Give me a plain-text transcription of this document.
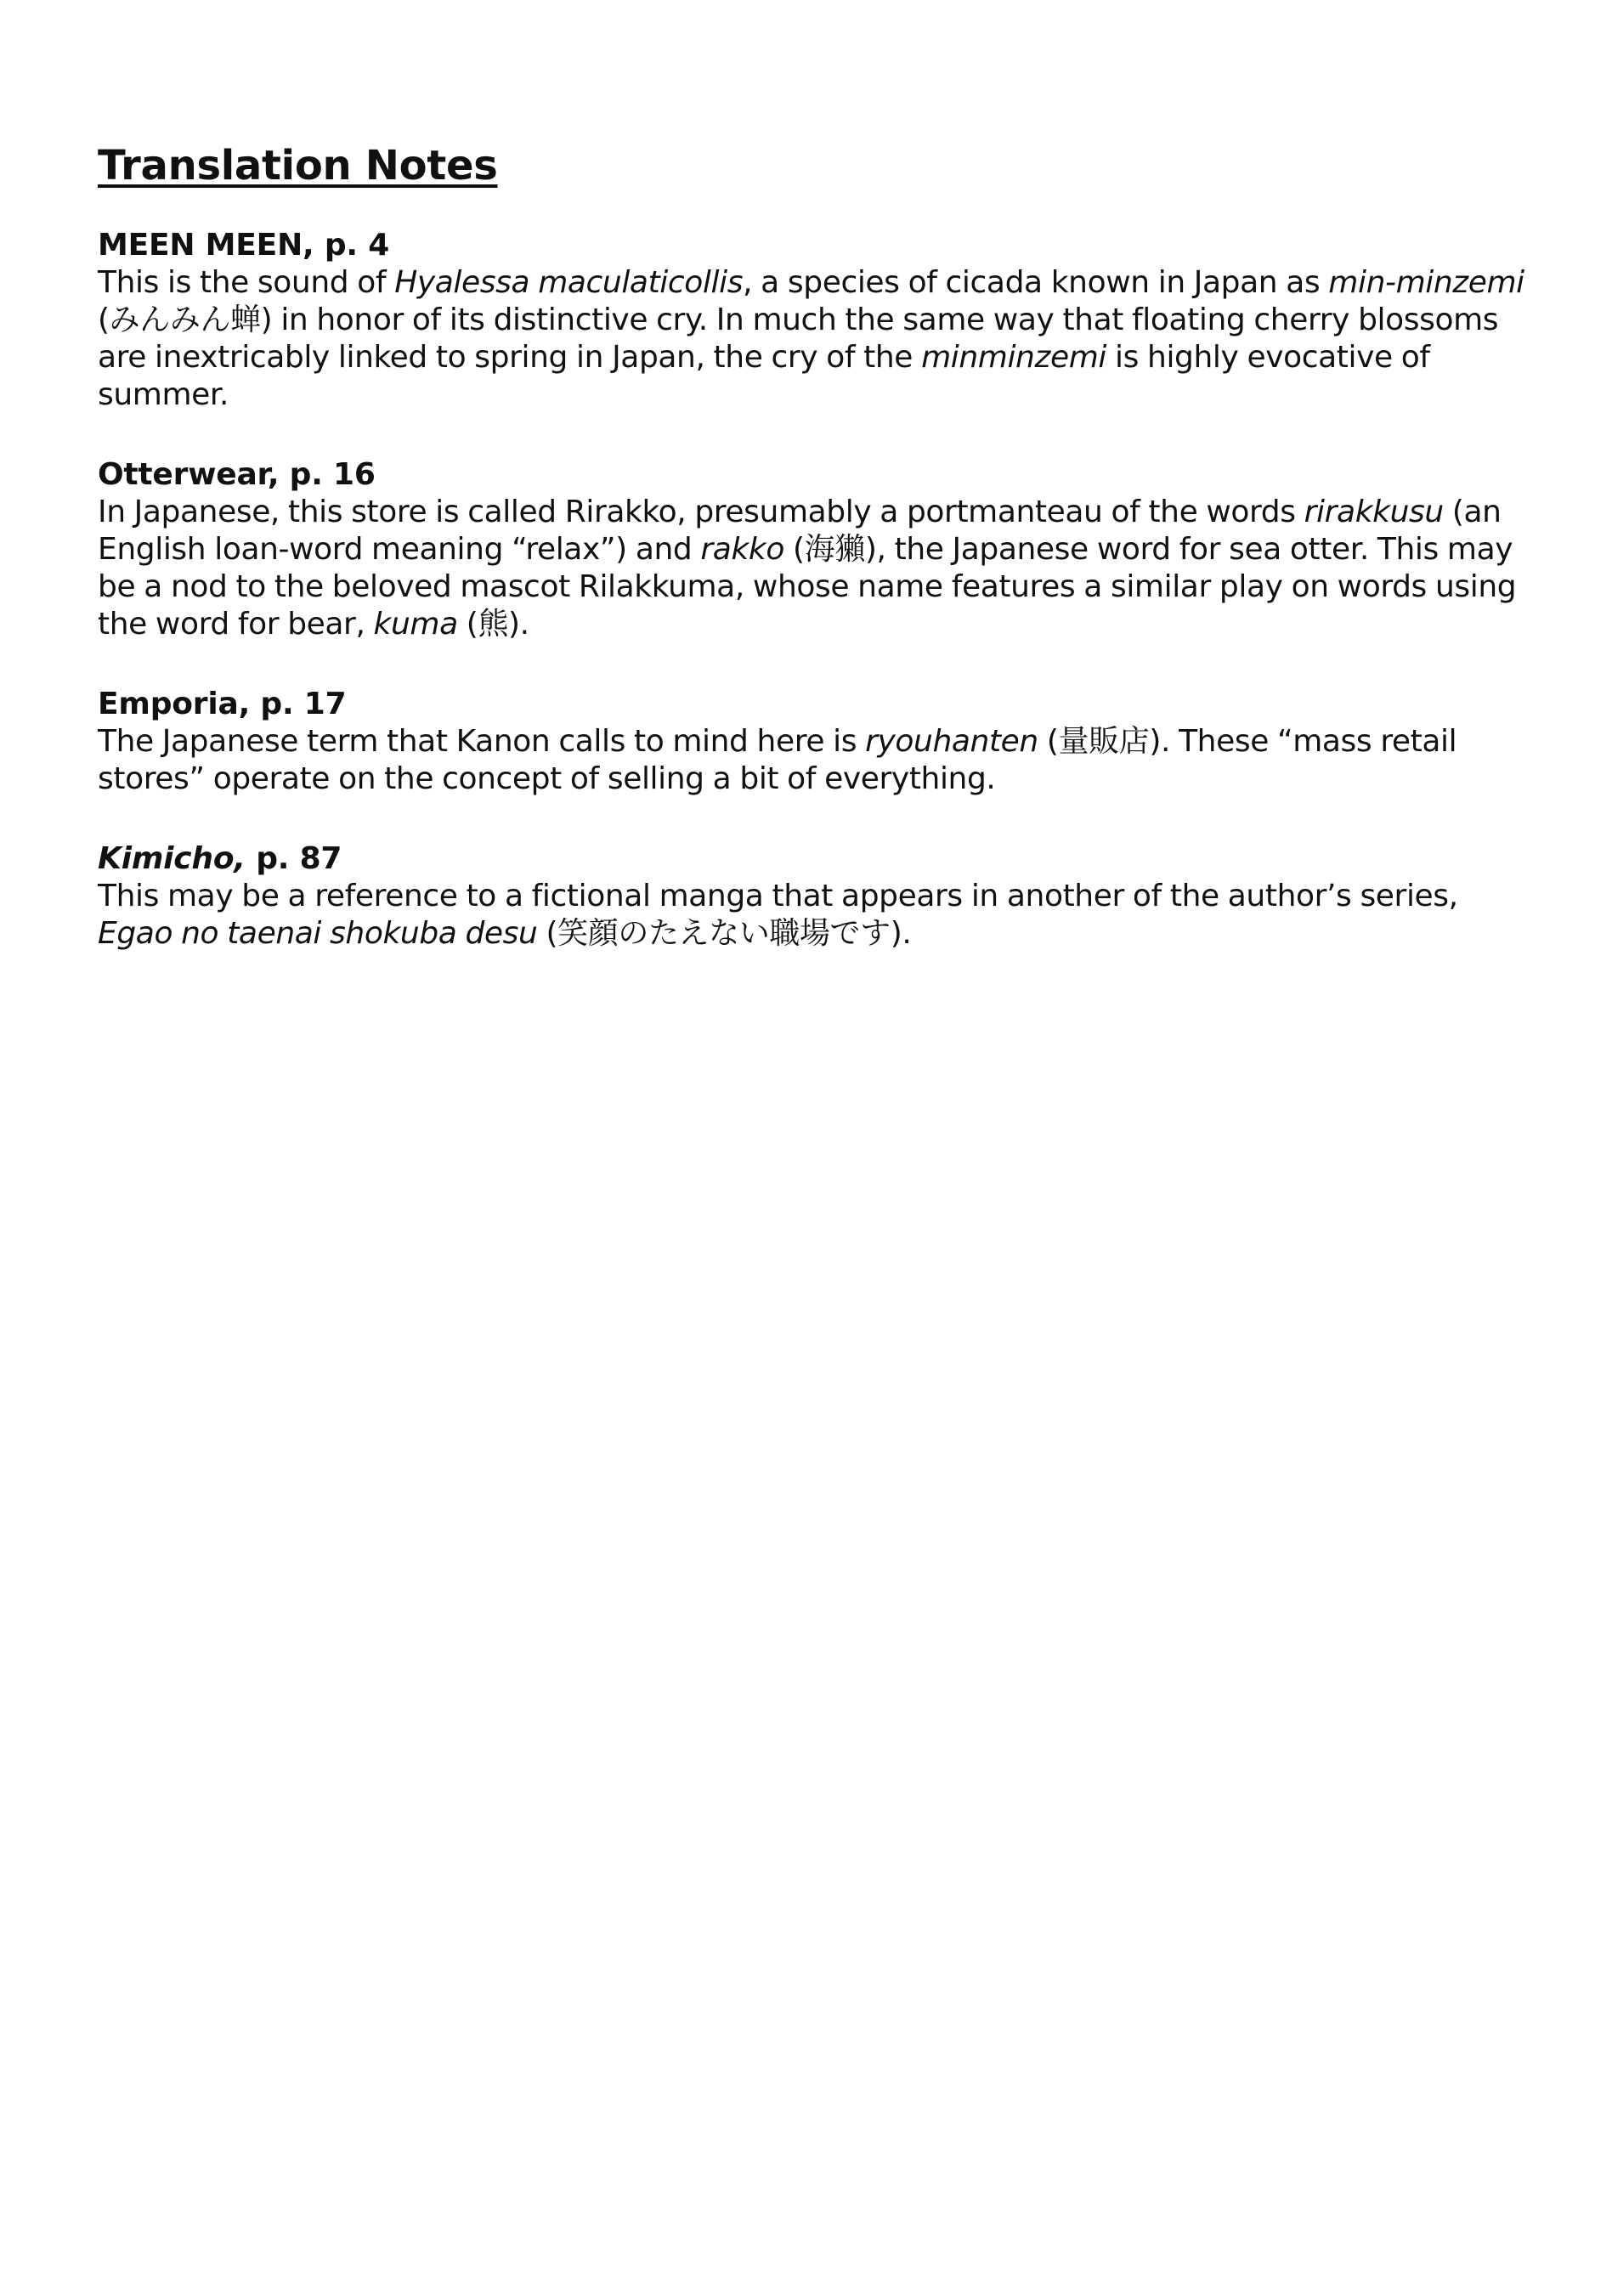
Translation Notes
MEEN MEEN, p. 4

This is the sound of Hyalessa maculaticollis, a species of cicada known in Japan as min-minzemi (みんみん蝉) in honor of its distinctive cry. In much the same way that floating cherry blossoms are inextricably linked to spring in Japan, the cry of the minminzemi is highly evocative of summer.

Otterwear, p. 16

In Japanese, this store is called Rirakko, presumably a portmanteau of the words rirakkusu (an English loan-word meaning “relax”) and rakko (海獺), the Japanese word for sea otter. This may be a nod to the beloved mascot Rilakkuma, whose name features a similar play on words using the word for bear, kuma (熊).

Emporia, p. 17

The Japanese term that Kanon calls to mind here is ryouhanten (量販店). These “mass retail stores” operate on the concept of selling a bit of everything.

Kimicho, p. 87

This may be a reference to a fictional manga that appears in another of the author’s series, Egao no taenai shokuba desu (笑顔のたえない職場です).
